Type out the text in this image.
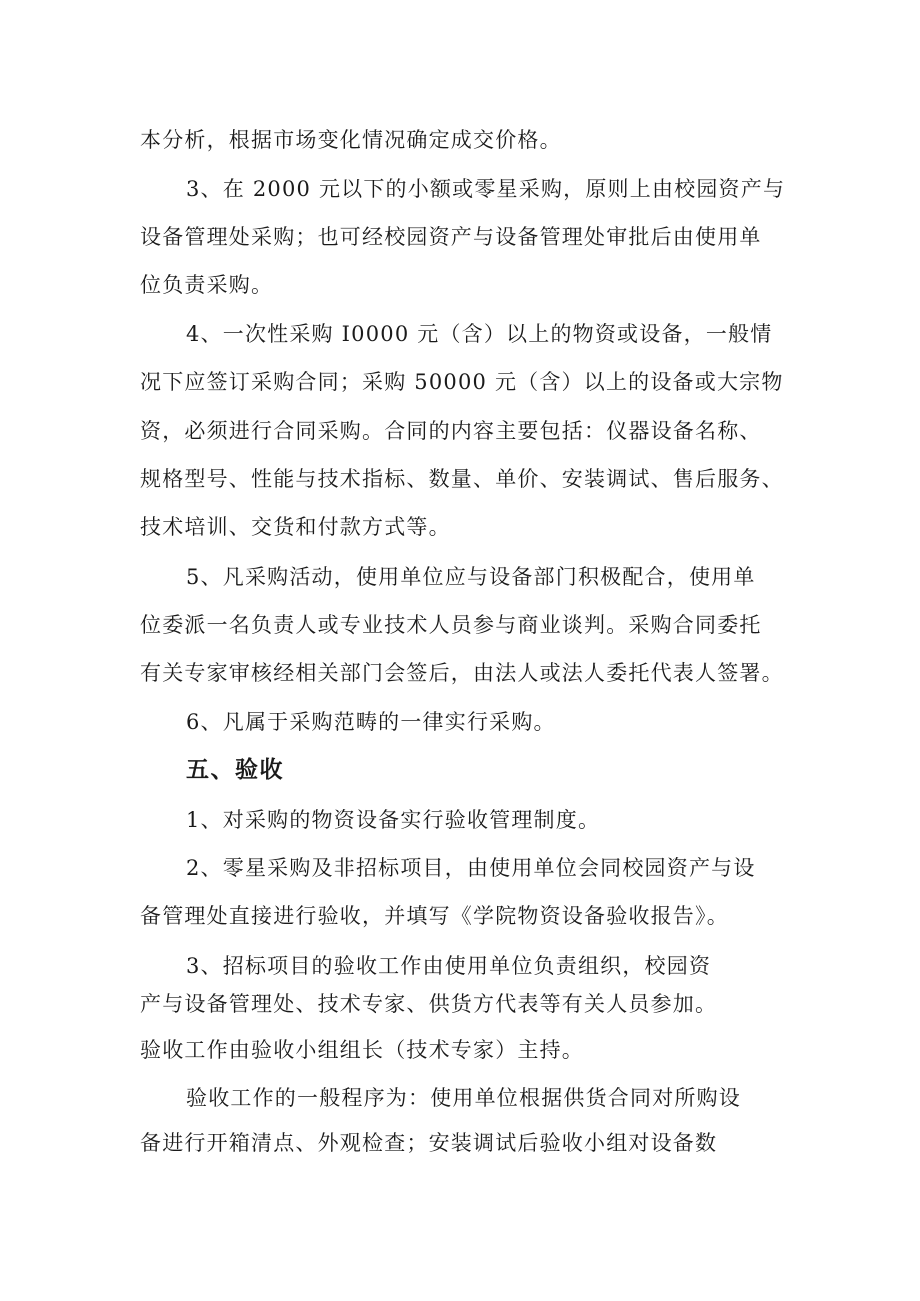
本分析，根据市场变化情况确定成交价格。
3、在 2000 元以下的小额或零星采购，原则上由校园资产与
设备管理处采购；也可经校园资产与设备管理处审批后由使用单
位负责采购。
4、一次性采购 I0000 元（含）以上的物资或设备，一般情
况下应签订采购合同；采购 50000 元（含）以上的设备或大宗物
资，必须进行合同采购。合同的内容主要包括：仪器设备名称、
规格型号、性能与技术指标、数量、单价、安装调试、售后服务、
技术培训、交货和付款方式等。
5、凡采购活动，使用单位应与设备部门积极配合，使用单
位委派一名负责人或专业技术人员参与商业谈判。采购合同委托
有关专家审核经相关部门会签后，由法人或法人委托代表人签署。
6、凡属于采购范畴的一律实行采购。
五、验收
1、对采购的物资设备实行验收管理制度。
2、零星采购及非招标项目，由使用单位会同校园资产与设
备管理处直接进行验收，并填写《学院物资设备验收报告》。
3、招标项目的验收工作由使用单位负责组织，校园资
产与设备管理处、技术专家、供货方代表等有关人员参加。
验收工作由验收小组组长（技术专家）主持。
验收工作的一般程序为：使用单位根据供货合同对所购设
备进行开箱清点、外观检查；安装调试后验收小组对设备数
